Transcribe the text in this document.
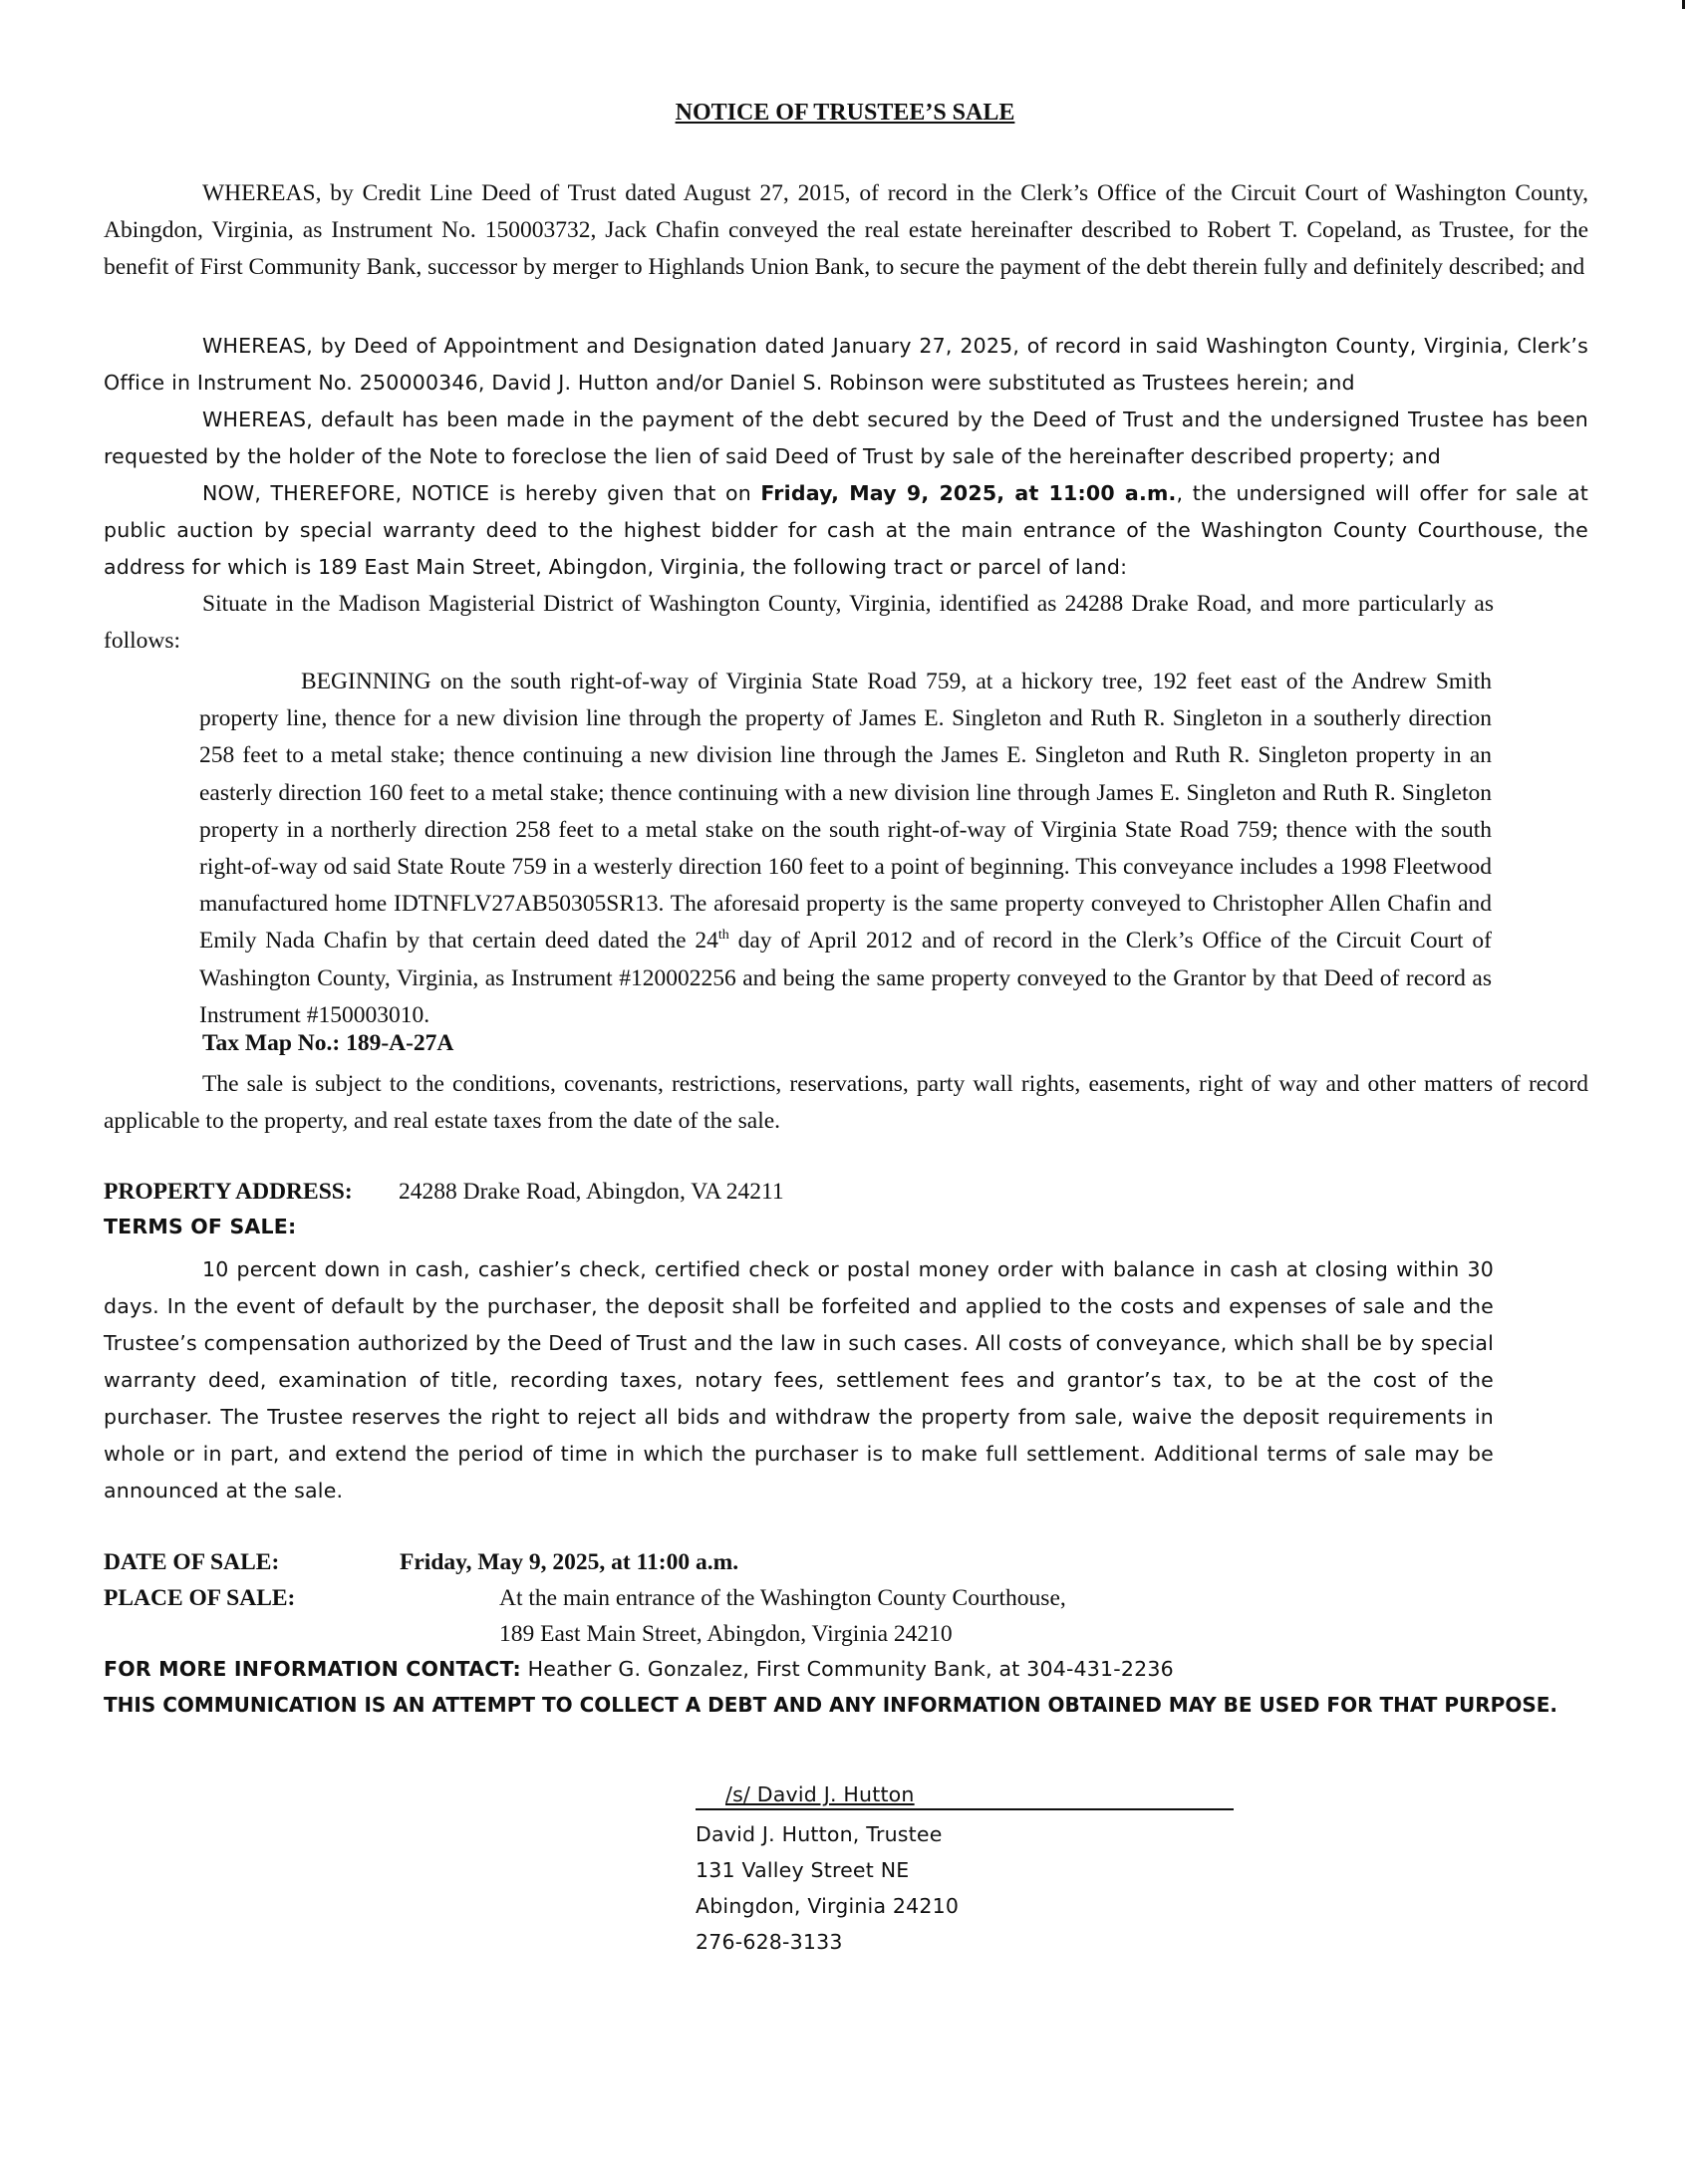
NOTICE OF TRUSTEE’S SALE

WHEREAS, by Credit Line Deed of Trust dated August 27, 2015, of record in the Clerk’s Office of the Circuit Court of Washington County, Abingdon, Virginia, as Instrument No. 150003732, Jack Chafin conveyed the real estate hereinafter described to Robert T. Copeland, as Trustee, for the benefit of First Community Bank, successor by merger to Highlands Union Bank, to secure the payment of the debt therein fully and definitely described; and

WHEREAS, by Deed of Appointment and Designation dated January 27, 2025, of record in said Washington County, Virginia, Clerk’s Office in Instrument No. 250000346, David J. Hutton and/or Daniel S. Robinson were substituted as Trustees herein; and

WHEREAS, default has been made in the payment of the debt secured by the Deed of Trust and the undersigned Trustee has been requested by the holder of the Note to foreclose the lien of said Deed of Trust by sale of the hereinafter described property; and

NOW, THEREFORE, NOTICE is hereby given that on Friday, May 9, 2025, at 11:00 a.m., the undersigned will offer for sale at public auction by special warranty deed to the highest bidder for cash at the main entrance of the Washington County Courthouse, the address for which is 189 East Main Street, Abingdon, Virginia, the following tract or parcel of land:

Situate in the Madison Magisterial District of Washington County, Virginia, identified as 24288 Drake Road, and more particularly as follows:

BEGINNING on the south right-of-way of Virginia State Road 759, at a hickory tree, 192 feet east of the Andrew Smith property line, thence for a new division line through the property of James E. Singleton and Ruth R. Singleton in a southerly direction 258 feet to a metal stake; thence continuing a new division line through the James E. Singleton and Ruth R. Singleton property in an easterly direction 160 feet to a metal stake; thence continuing with a new division line through James E. Singleton and Ruth R. Singleton property in a northerly direction 258 feet to a metal stake on the south right-of-way of Virginia State Road 759; thence with the south right-of-way od said State Route 759 in a westerly direction 160 feet to a point of beginning. This conveyance includes a 1998 Fleetwood manufactured home IDTNFLV27AB50305SR13. The aforesaid property is the same property conveyed to Christopher Allen Chafin and Emily Nada Chafin by that certain deed dated the 24th day of April 2012 and of record in the Clerk’s Office of the Circuit Court of Washington County, Virginia, as Instrument #120002256 and being the same property conveyed to the Grantor by that Deed of record as Instrument #150003010.

Tax Map No.: 189-A-27A

The sale is subject to the conditions, covenants, restrictions, reservations, party wall rights, easements, right of way and other matters of record applicable to the property, and real estate taxes from the date of the sale.

PROPERTY ADDRESS: 24288 Drake Road, Abingdon, VA 24211
TERMS OF SALE:

10 percent down in cash, cashier’s check, certified check or postal money order with balance in cash at closing within 30 days. In the event of default by the purchaser, the deposit shall be forfeited and applied to the costs and expenses of sale and the Trustee’s compensation authorized by the Deed of Trust and the law in such cases. All costs of conveyance, which shall be by special warranty deed, examination of title, recording taxes, notary fees, settlement fees and grantor’s tax, to be at the cost of the purchaser. The Trustee reserves the right to reject all bids and withdraw the property from sale, waive the deposit requirements in whole or in part, and extend the period of time in which the purchaser is to make full settlement. Additional terms of sale may be announced at the sale.

DATE OF SALE:	Friday, May 9, 2025, at 11:00 a.m.
PLACE OF SALE:	At the main entrance of the Washington County Courthouse,
189 East Main Street, Abingdon, Virginia 24210
FOR MORE INFORMATION CONTACT: Heather G. Gonzalez, First Community Bank, at 304-431-2236
THIS COMMUNICATION IS AN ATTEMPT TO COLLECT A DEBT AND ANY INFORMATION OBTAINED MAY BE USED FOR THAT PURPOSE.
/s/ David J. Hutton
David J. Hutton, Trustee
131 Valley Street NE
Abingdon, Virginia 24210
276-628-3133
